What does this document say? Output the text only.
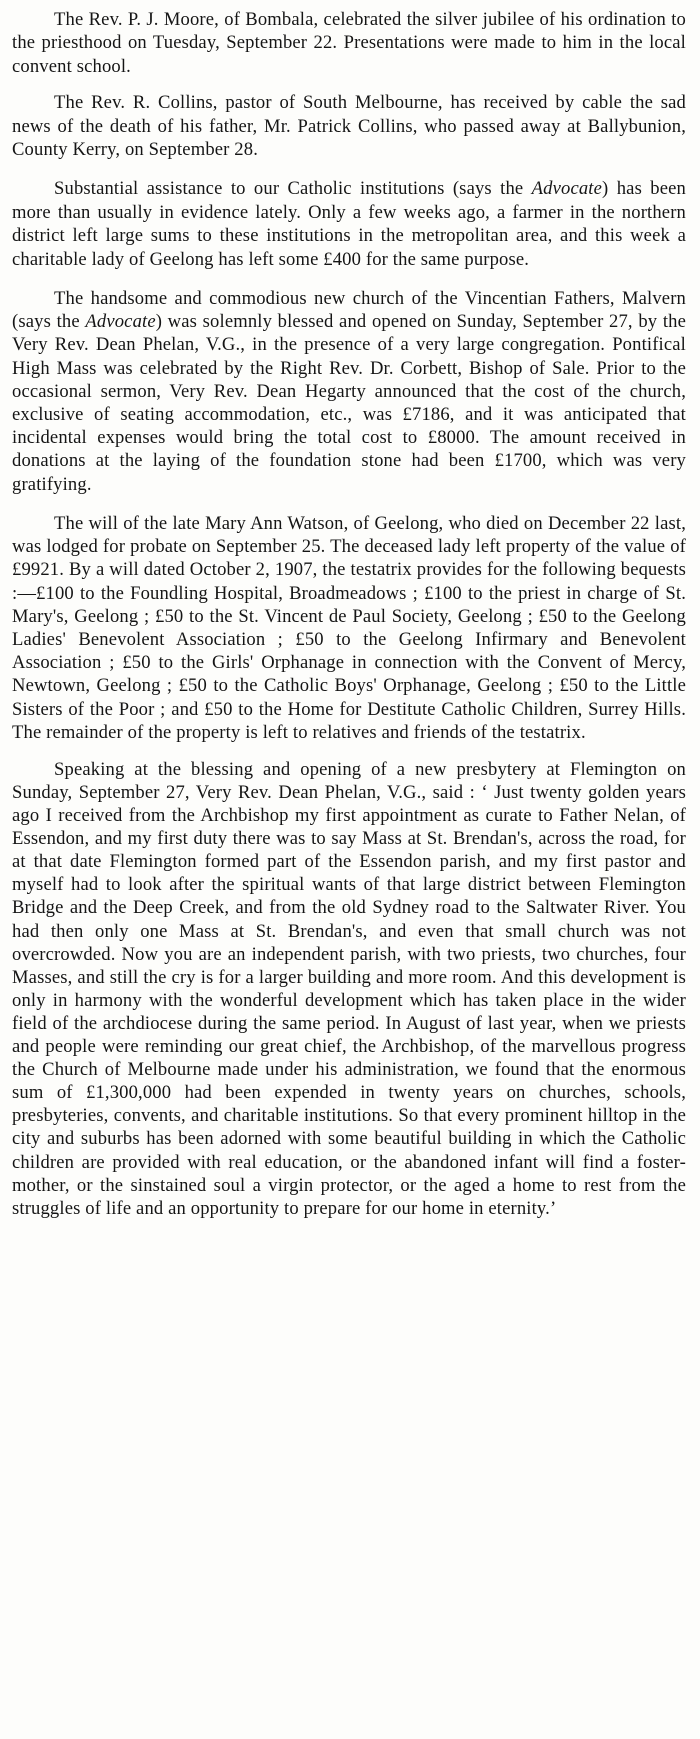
The Rev. P. J. Moore, of Bombala, celebrated the silver jubilee of his ordination to the priesthood on Tuesday, September 22. Presentations were made to him in the local convent school.

The Rev. R. Collins, pastor of South Melbourne, has received by cable the sad news of the death of his father, Mr. Patrick Collins, who passed away at Ballybunion, County Kerry, on September 28.

Substantial assistance to our Catholic institutions (says the Advocate) has been more than usually in evidence lately. Only a few weeks ago, a farmer in the northern district left large sums to these institutions in the metropolitan area, and this week a charitable lady of Geelong has left some £400 for the same purpose.

The handsome and commodious new church of the Vincentian Fathers, Malvern (says the Advocate) was solemnly blessed and opened on Sunday, September 27, by the Very Rev. Dean Phelan, V.G., in the presence of a very large congregation. Pontifical High Mass was celebrated by the Right Rev. Dr. Corbett, Bishop of Sale. Prior to the occasional sermon, Very Rev. Dean Hegarty announced that the cost of the church, exclusive of seating accommodation, etc., was £7186, and it was anticipated that incidental expenses would bring the total cost to £8000. The amount received in donations at the laying of the foundation stone had been £1700, which was very gratifying.

The will of the late Mary Ann Watson, of Geelong, who died on December 22 last, was lodged for probate on September 25. The deceased lady left property of the value of £9921. By a will dated October 2, 1907, the testatrix provides for the following bequests :—£100 to the Foundling Hospital, Broadmeadows ; £100 to the priest in charge of St. Mary's, Geelong ; £50 to the St. Vincent de Paul Society, Geelong ; £50 to the Geelong Ladies' Benevolent Association ; £50 to the Geelong Infirmary and Benevolent Association ; £50 to the Girls' Orphanage in connection with the Convent of Mercy, Newtown, Geelong ; £50 to the Catholic Boys' Orphanage, Geelong ; £50 to the Little Sisters of the Poor ; and £50 to the Home for Destitute Catholic Children, Surrey Hills. The remainder of the property is left to relatives and friends of the testatrix.

Speaking at the blessing and opening of a new presbytery at Flemington on Sunday, September 27, Very Rev. Dean Phelan, V.G., said : ‘ Just twenty golden years ago I received from the Archbishop my first appointment as curate to Father Nelan, of Essendon, and my first duty there was to say Mass at St. Brendan's, across the road, for at that date Flemington formed part of the Essendon parish, and my first pastor and myself had to look after the spiritual wants of that large district between Flemington Bridge and the Deep Creek, and from the old Sydney road to the Saltwater River. You had then only one Mass at St. Brendan's, and even that small church was not overcrowded. Now you are an independent parish, with two priests, two churches, four Masses, and still the cry is for a larger building and more room. And this development is only in harmony with the wonderful development which has taken place in the wider field of the archdiocese during the same period. In August of last year, when we priests and people were reminding our great chief, the Archbishop, of the marvellous progress the Church of Melbourne made under his administration, we found that the enormous sum of £1,300,000 had been expended in twenty years on churches, schools, presbyteries, convents, and charitable institutions. So that every prominent hilltop in the city and suburbs has been adorned with some beautiful building in which the Catholic children are provided with real education, or the abandoned infant will find a foster-mother, or the sinstained soul a virgin protector, or the aged a home to rest from the struggles of life and an opportunity to prepare for our home in eternity.’
